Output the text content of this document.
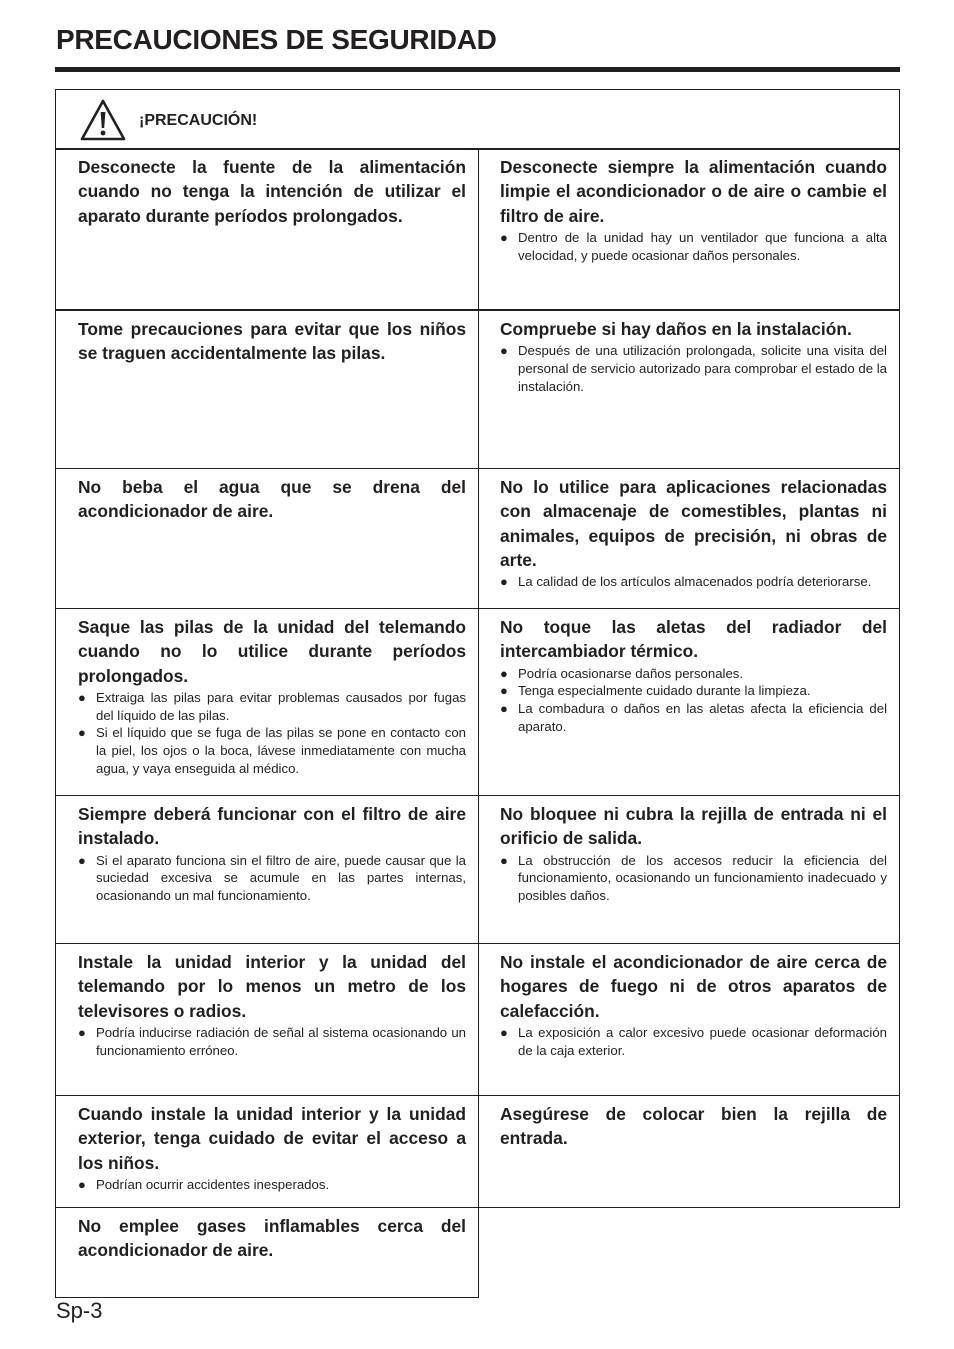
PRECAUCIONES DE SEGURIDAD
¡PRECAUCIÓN!
Desconecte la fuente de la alimentación cuando no tenga la intención de utilizar el aparato durante períodos prolongados.
Desconecte siempre la alimentación cuando limpie el acondicionador o de aire o cambie el filtro de aire.
● Dentro de la unidad hay un ventilador que funciona a alta velocidad, y puede ocasionar daños personales.
Tome precauciones para evitar que los niños se traguen accidentalmente las pilas.
Compruebe si hay daños en la instalación.
● Después de una utilización prolongada, solicite una visita del personal de servicio autorizado para comprobar el estado de la instalación.
No beba el agua que se drena del acondicionador de aire.
No lo utilice para aplicaciones relacionadas con almacenaje de comestibles, plantas ni animales, equipos de precisión, ni obras de arte.
● La calidad de los artículos almacenados podría deteriorarse.
Saque las pilas de la unidad del telemando cuando no lo utilice durante períodos prolongados.
● Extraiga las pilas para evitar problemas causados por fugas del líquido de las pilas.
● Si el líquido que se fuga de las pilas se pone en contacto con la piel, los ojos o la boca, lávese inmediatamente con mucha agua, y vaya enseguida al médico.
No toque las aletas del radiador del intercambiador térmico.
● Podría ocasionarse daños personales.
● Tenga especialmente cuidado durante la limpieza.
● La combadura o daños en las aletas afecta la eficiencia del aparato.
Siempre deberá funcionar con el filtro de aire instalado.
● Si el aparato funciona sin el filtro de aire, puede causar que la suciedad excesiva se acumule en las partes internas, ocasionando un mal funcionamiento.
No bloquee ni cubra la rejilla de entrada ni el orificio de salida.
● La obstrucción de los accesos reducir la eficiencia del funcionamiento, ocasionando un funcionamiento inadecuado y posibles daños.
Instale la unidad interior y la unidad del telemando por lo menos un metro de los televisores o radios.
● Podría inducirse radiación de señal al sistema ocasionando un funcionamiento erróneo.
No instale el acondicionador de aire cerca de hogares de fuego ni de otros aparatos de calefacción.
● La exposición a calor excesivo puede ocasionar deformación de la caja exterior.
Cuando instale la unidad interior y la unidad exterior, tenga cuidado de evitar el acceso a los niños.
● Podrían ocurrir accidentes inesperados.
Asegúrese de colocar bien la rejilla de entrada.
No emplee gases inflamables cerca del acondicionador de aire.

Sp-3
